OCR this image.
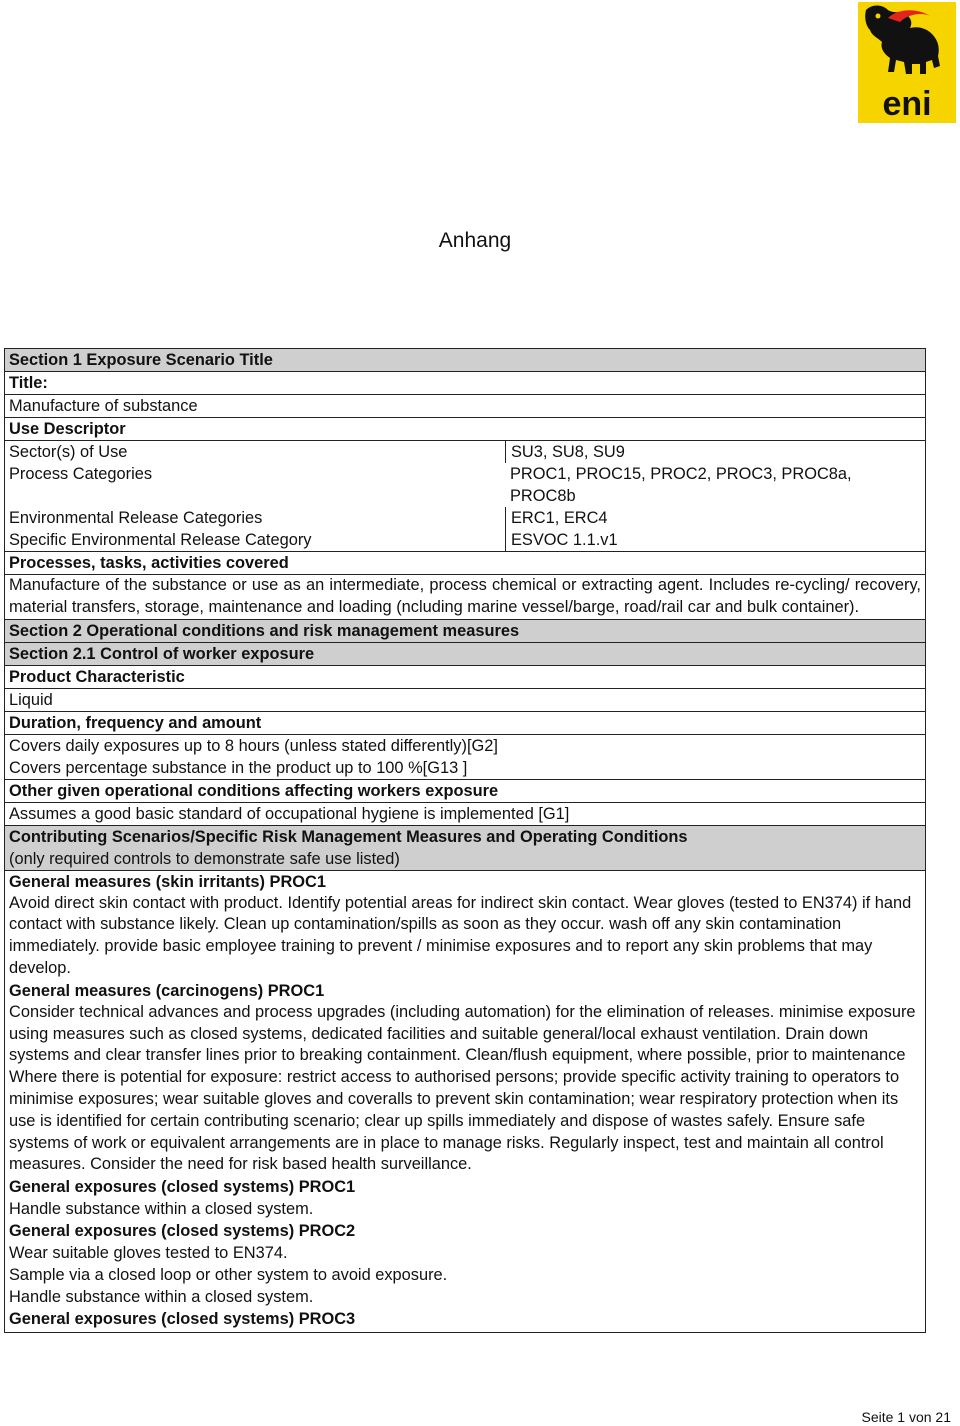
eni
Anhang
Section 1 Exposure Scenario Title
Title:
Manufacture of substance
Use Descriptor
Sector(s) of Use	SU3, SU8, SU9
Process Categories	PROC1, PROC15, PROC2, PROC3, PROC8a, PROC8b
Environmental Release Categories	ERC1, ERC4
Specific Environmental Release Category	ESVOC 1.1.v1
Processes, tasks, activities covered
Manufacture of the substance or use as an intermediate, process chemical or extracting agent. Includes re-cycling/ recovery, material transfers, storage, maintenance and loading (ncluding marine vessel/barge, road/rail car and bulk container).
Section 2 Operational conditions and risk management measures
Section 2.1 Control of worker exposure
Product Characteristic
Liquid
Duration, frequency and amount
Covers daily exposures up to 8 hours (unless stated differently)[G2]
Covers percentage substance in the product up to 100 %[G13 ]
Other given operational conditions affecting workers exposure
Assumes a good basic standard of occupational hygiene is implemented [G1]
Contributing Scenarios/Specific Risk Management Measures and Operating Conditions
(only required controls to demonstrate safe use listed)
General measures (skin irritants) PROC1
Avoid direct skin contact with product. Identify potential areas for indirect skin contact. Wear gloves (tested to EN374) if hand contact with substance likely. Clean up contamination/spills as soon as they occur. wash off any skin contamination immediately. provide basic employee training to prevent / minimise exposures and to report any skin problems that may develop.
General measures (carcinogens) PROC1
Consider technical advances and process upgrades (including automation) for the elimination of releases. minimise exposure using measures such as closed systems, dedicated facilities and suitable general/local exhaust ventilation. Drain down systems and clear transfer lines prior to breaking containment. Clean/flush equipment, where possible, prior to maintenance Where there is potential for exposure: restrict access to authorised persons; provide specific activity training to operators to minimise exposures; wear suitable gloves and coveralls to prevent skin contamination; wear respiratory protection when its use is identified for certain contributing scenario; clear up spills immediately and dispose of wastes safely. Ensure safe systems of work or equivalent arrangements are in place to manage risks. Regularly inspect, test and maintain all control measures. Consider the need for risk based health surveillance.
General exposures (closed systems) PROC1
Handle substance within a closed system.
General exposures (closed systems) PROC2
Wear suitable gloves tested to EN374.
Sample via a closed loop or other system to avoid exposure.
Handle substance within a closed system.
General exposures (closed systems) PROC3
Seite 1 von 21
